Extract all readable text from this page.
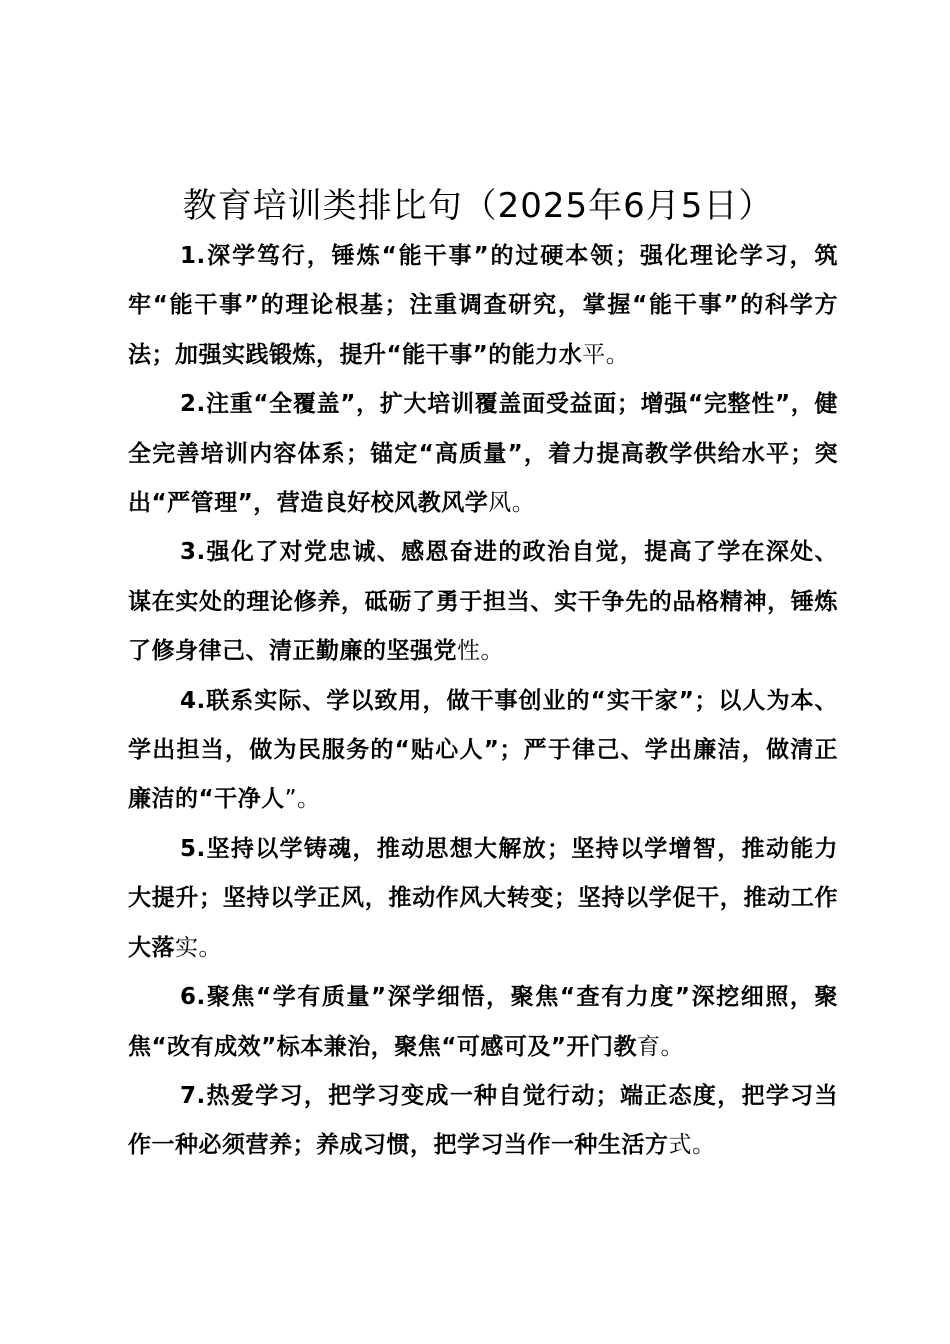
教育培训类排比句（2025年6月5日）

1.深学笃行，锤炼“能干事”的过硬本领；强化理论学习，筑牢“能干事”的理论根基；注重调查研究，掌握“能干事”的科学方法；加强实践锻炼，提升“能干事”的能力水平。

2.注重“全覆盖”，扩大培训覆盖面受益面；增强“完整性”，健全完善培训内容体系；锚定“高质量”，着力提高教学供给水平；突出“严管理”，营造良好校风教风学风。

3.强化了对党忠诚、感恩奋进的政治自觉，提高了学在深处、谋在实处的理论修养，砥砺了勇于担当、实干争先的品格精神，锤炼了修身律己、清正勤廉的坚强党性。

4.联系实际、学以致用，做干事创业的“实干家”；以人为本、学出担当，做为民服务的“贴心人”；严于律己、学出廉洁，做清正廉洁的“干净人”。

5.坚持以学铸魂，推动思想大解放；坚持以学增智，推动能力大提升；坚持以学正风，推动作风大转变；坚持以学促干，推动工作大落实。

6.聚焦“学有质量”深学细悟，聚焦“查有力度”深挖细照，聚焦“改有成效”标本兼治，聚焦“可感可及”开门教育。

7.热爱学习，把学习变成一种自觉行动；端正态度，把学习当作一种必须营养；养成习惯，把学习当作一种生活方式。
